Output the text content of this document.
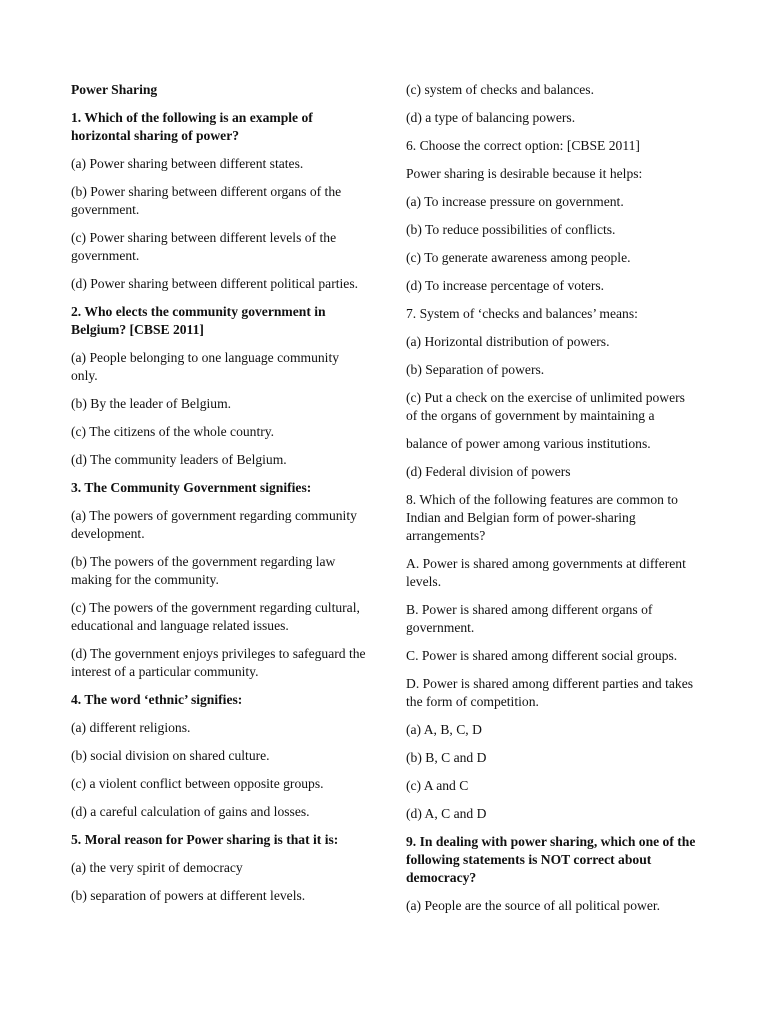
Power Sharing

1. Which of the following is an example of horizontal sharing of power?

(a) Power sharing between different states.

(b) Power sharing between different organs of the government.

(c) Power sharing between different levels of the government.

(d) Power sharing between different political parties.

2. Who elects the community government in Belgium? [CBSE 2011]

(a) People belonging to one language community only.

(b) By the leader of Belgium.

(c) The citizens of the whole country.

(d) The community leaders of Belgium.

3. The Community Government signifies:

(a) The powers of government regarding community development.

(b) The powers of the government regarding law making for the community.

(c) The powers of the government regarding cultural, educational and language related issues.

(d) The government enjoys privileges to safeguard the interest of a particular community.

4. The word ‘ethnic’ signifies:

(a) different religions.

(b) social division on shared culture.

(c) a violent conflict between opposite groups.

(d) a careful calculation of gains and losses.

5. Moral reason for Power sharing is that it is:

(a) the very spirit of democracy

(b) separation of powers at different levels.

(c) system of checks and balances.

(d) a type of balancing powers.

6. Choose the correct option: [CBSE 2011]

Power sharing is desirable because it helps:

(a) To increase pressure on government.

(b) To reduce possibilities of conflicts.

(c) To generate awareness among people.

(d) To increase percentage of voters.

7. System of ‘checks and balances’ means:

(a) Horizontal distribution of powers.

(b) Separation of powers.

(c) Put a check on the exercise of unlimited powers of the organs of government by maintaining a

balance of power among various institutions.

(d) Federal division of powers

8. Which of the following features are common to Indian and Belgian form of power-sharing arrangements?

A. Power is shared among governments at different levels.

B. Power is shared among different organs of government.

C. Power is shared among different social groups.

D. Power is shared among different parties and takes the form of competition.

(a) A, B, C, D

(b) B, C and D

(c) A and C

(d) A, C and D

9. In dealing with power sharing, which one of the following statements is NOT correct about democracy?

(a) People are the source of all political power.
